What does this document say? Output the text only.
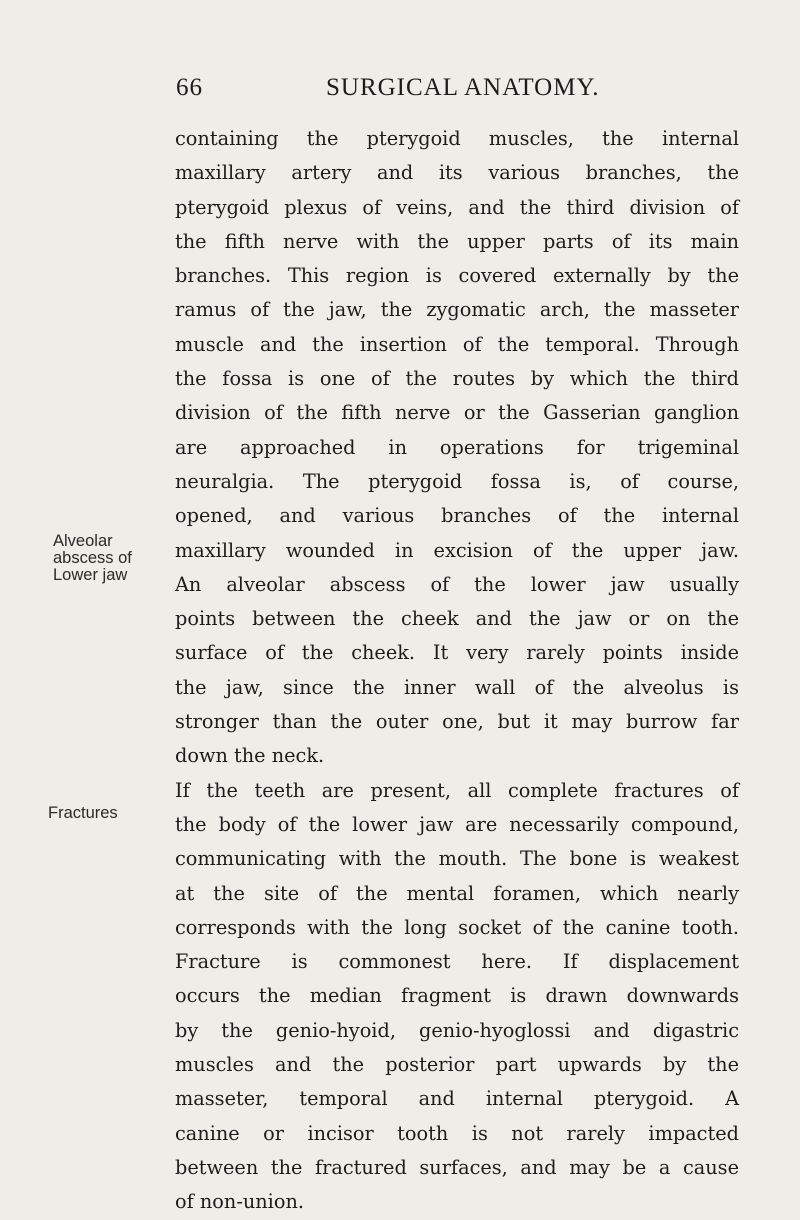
66	SURGICAL ANATOMY.
Alveolar
abscess of
Lower jaw
Fractures
containing the pterygoid muscles, the internal
maxillary artery and its various branches, the
pterygoid plexus of veins, and the third division of
the fifth nerve with the upper parts of its main
branches. This region is covered externally by the
ramus of the jaw, the zygomatic arch, the masseter
muscle and the insertion of the temporal. Through
the fossa is one of the routes by which the third
division of the fifth nerve or the Gasserian ganglion
are approached in operations for trigeminal
neuralgia. The pterygoid fossa is, of course,
opened, and various branches of the internal
maxillary wounded in excision of the upper jaw.
An alveolar abscess of the lower jaw usually
points between the cheek and the jaw or on the
surface of the cheek. It very rarely points inside
the jaw, since the inner wall of the alveolus is
stronger than the outer one, but it may burrow far
down the neck.
If the teeth are present, all complete fractures of
the body of the lower jaw are necessarily compound,
communicating with the mouth. The bone is weakest
at the site of the mental foramen, which nearly
corresponds with the long socket of the canine tooth.
Fracture is commonest here. If displacement
occurs the median fragment is drawn downwards
by the genio-hyoid, genio-hyoglossi and digastric
muscles and the posterior part upwards by the
masseter, temporal and internal pterygoid. A
canine or incisor tooth is not rarely impacted
between the fractured surfaces, and may be a cause
of non-union.
